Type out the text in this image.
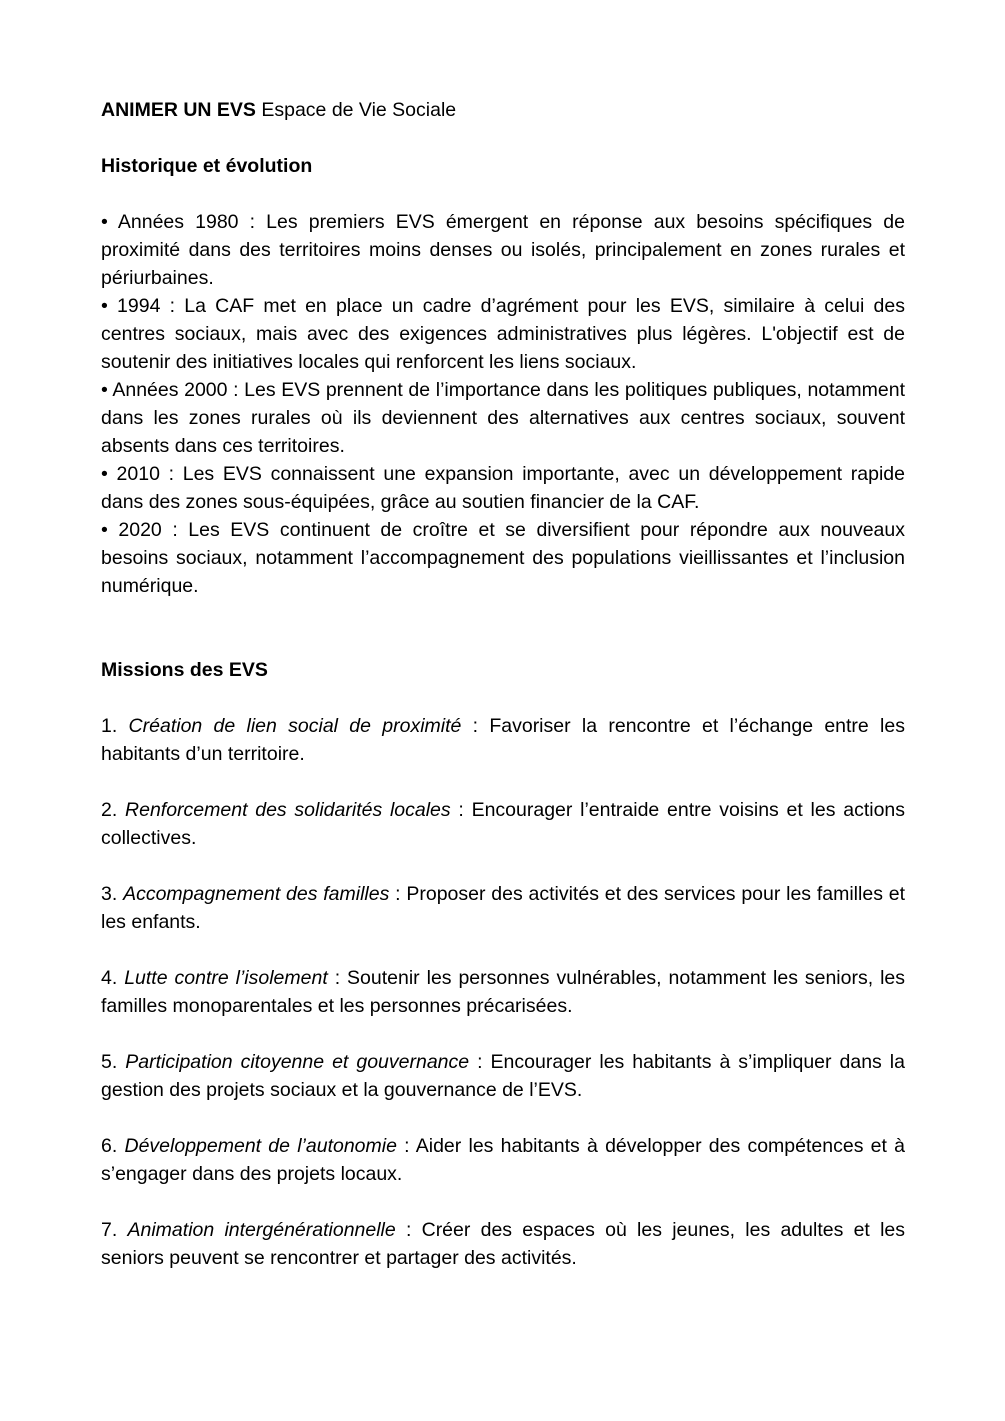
ANIMER UN EVS Espace de Vie Sociale

Historique et évolution

• Années 1980 : Les premiers EVS émergent en réponse aux besoins spécifiques de proximité dans des territoires moins denses ou isolés, principalement en zones rurales et périurbaines.

• 1994 : La CAF met en place un cadre d’agrément pour les EVS, similaire à celui des centres sociaux, mais avec des exigences administratives plus légères. L'objectif est de soutenir des initiatives locales qui renforcent les liens sociaux.

• Années 2000 : Les EVS prennent de l’importance dans les politiques publiques, notamment dans les zones rurales où ils deviennent des alternatives aux centres sociaux, souvent absents dans ces territoires.

• 2010 : Les EVS connaissent une expansion importante, avec un développement rapide dans des zones sous-équipées, grâce au soutien financier de la CAF.

• 2020 : Les EVS continuent de croître et se diversifient pour répondre aux nouveaux besoins sociaux, notamment l’accompagnement des populations vieillissantes et l’inclusion numérique.

Missions des EVS

1. Création de lien social de proximité : Favoriser la rencontre et l’échange entre les habitants d’un territoire.

2. Renforcement des solidarités locales : Encourager l’entraide entre voisins et les actions collectives.

3. Accompagnement des familles : Proposer des activités et des services pour les familles et les enfants.

4. Lutte contre l’isolement : Soutenir les personnes vulnérables, notamment les seniors, les familles monoparentales et les personnes précarisées.

5. Participation citoyenne et gouvernance : Encourager les habitants à s’impliquer dans la gestion des projets sociaux et la gouvernance de l’EVS.

6. Développement de l’autonomie : Aider les habitants à développer des compétences et à s’engager dans des projets locaux.

7. Animation intergénérationnelle : Créer des espaces où les jeunes, les adultes et les seniors peuvent se rencontrer et partager des activités.
